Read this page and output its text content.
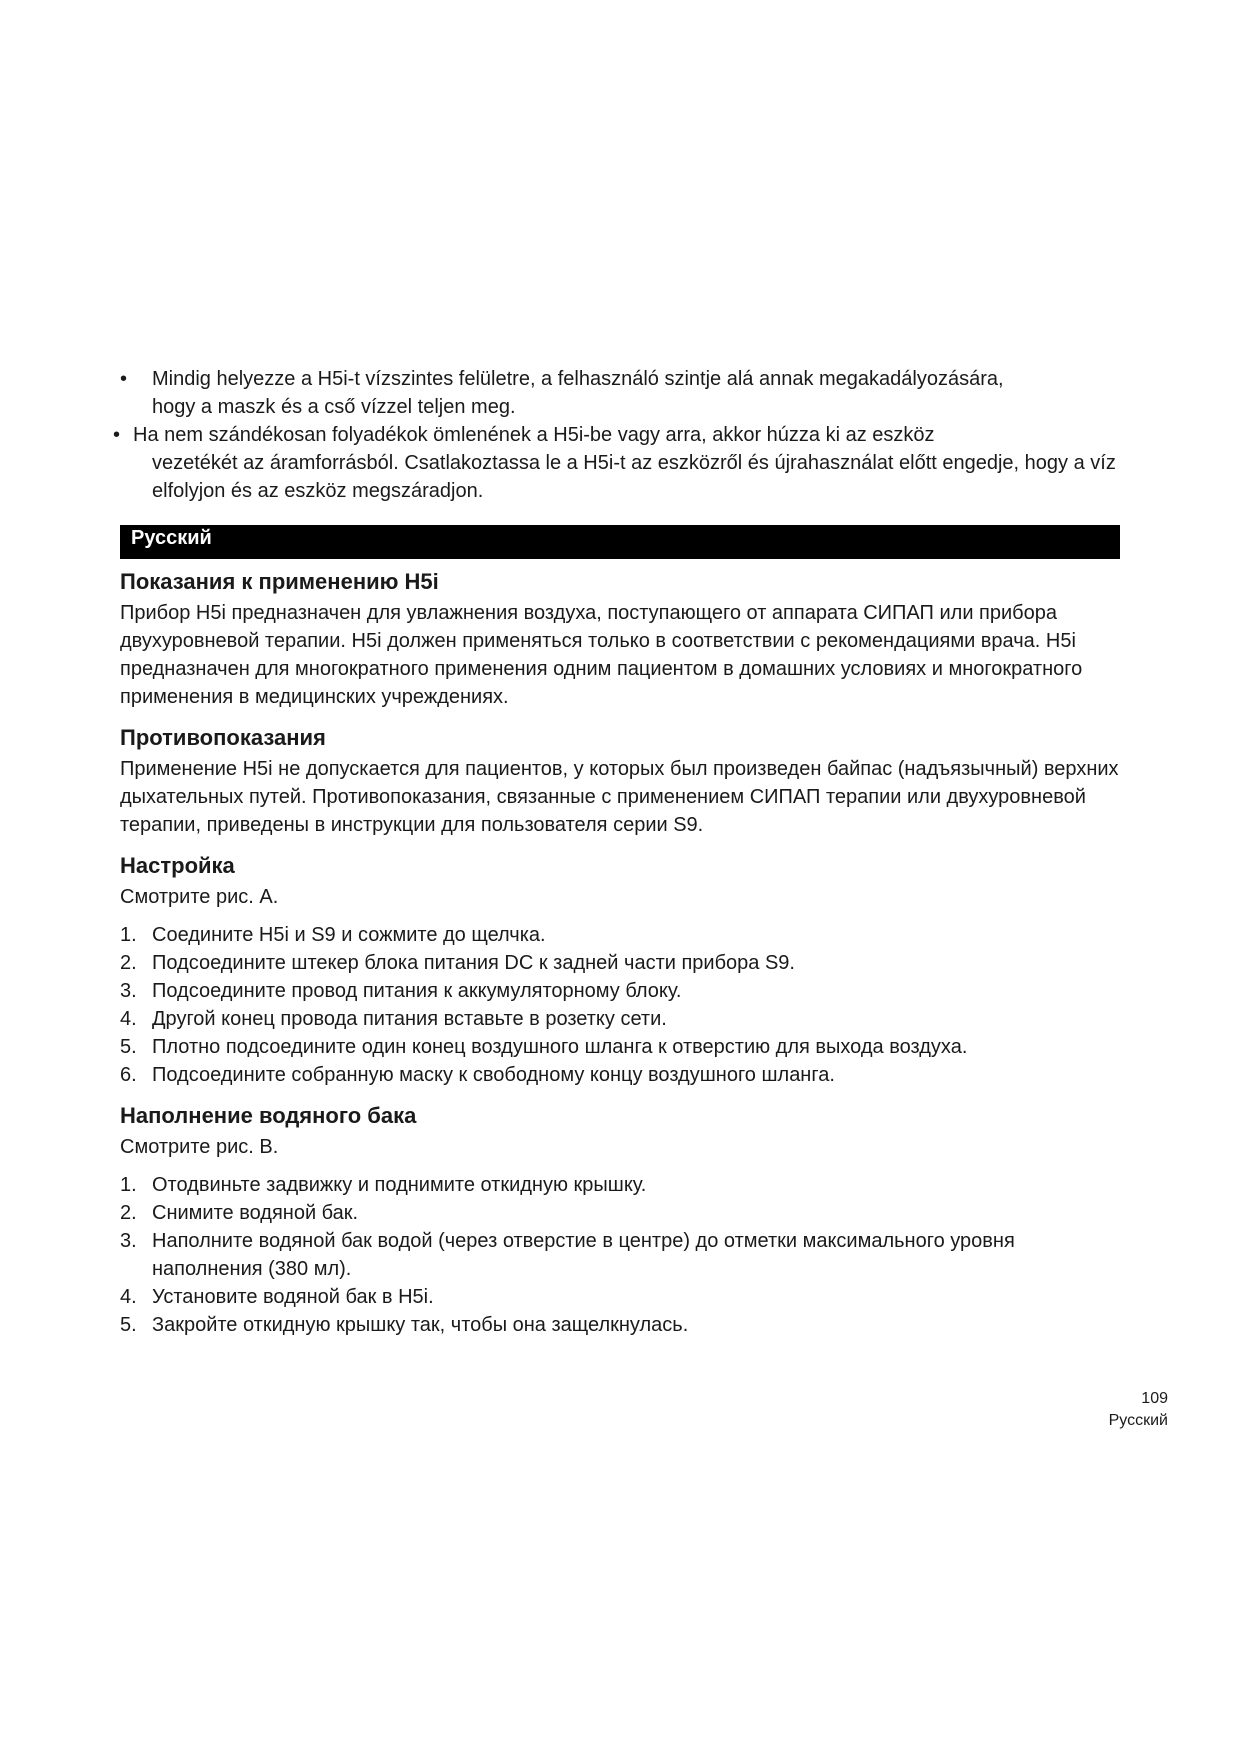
• Mindig helyezze a H5i-t vízszintes felületre, a felhasználó szintje alá annak megakadályozására,
hogy a maszk és a cső vízzel teljen meg.
• Ha nem szándékosan folyadékok ömlenének a H5i-be vagy arra, akkor húzza ki az eszköz
vezetékét az áramforrásból. Csatlakoztassa le a H5i-t az eszközről és újrahasználat előtt engedje, hogy a víz elfolyjon és az eszköz megszáradjon.
Русский
Показания к применению H5i

Прибор H5i предназначен для увлажнения воздуха, поступающего от аппарата СИПАП или прибора двухуровневой терапии. H5i должен применяться только в соответствии с рекомендациями врача. H5i предназначен для многократного применения одним пациентом в домашних условиях и многократного применения в медицинских учреждениях.

Противопоказания

Применение H5i не допускается для пациентов, у которых был произведен байпас (надъязычный) верхних дыхательных путей. Противопоказания, связанные с применением СИПАП терапии или двухуровневой терапии, приведены в инструкции для пользователя серии S9.

Настройка

Смотрите рис. A.

1. Соедините H5i и S9 и сожмите до щелчка.
2. Подсоедините штекер блока питания DC к задней части прибора S9.
3. Подсоедините провод питания к аккумуляторному блоку.
4. Другой конец провода питания вставьте в розетку сети.
5. Плотно подсоедините один конец воздушного шланга к отверстию для выхода воздуха.
6. Подсоедините собранную маску к свободному концу воздушного шланга.
Наполнение водяного бака

Смотрите рис. B.

1. Отодвиньте задвижку и поднимите откидную крышку.
2. Снимите водяной бак.
3. Наполните водяной бак водой (через отверстие в центре) до отметки максимального уровня наполнения (380 мл).
4. Установите водяной бак в H5i.
5. Закройте откидную крышку так, чтобы она защелкнулась.
109
Русский
